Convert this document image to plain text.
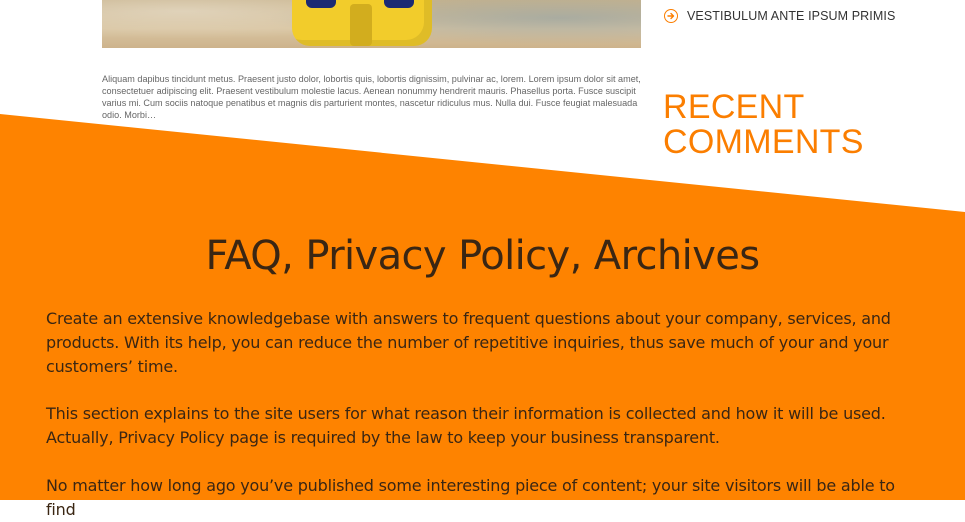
Aliquam dapibus tincidunt metus. Praesent justo dolor, lobortis quis, lobortis dignissim, pulvinar ac, lorem. Lorem ipsum dolor sit amet, consectetuer adipiscing elit. Praesent vestibulum molestie lacus. Aenean nonummy hendrerit mauris. Phasellus porta. Fusce suscipit varius mi. Cum sociis natoque penatibus et magnis dis parturient montes, nascetur ridiculus mus. Nulla dui. Fusce feugiat malesuada odio. Morbi…

VESTIBULUM ANTE IPSUM PRIMIS
RECENT COMMENTS
FAQ, Privacy Policy, Archives

Create an extensive knowledgebase with answers to frequent questions about your company, services, and products. With its help, you can reduce the number of repetitive inquiries, thus save much of your and your customers’ time.

This section explains to the site users for what reason their information is collected and how it will be used. Actually, Privacy Policy page is required by the law to keep your business transparent.

No matter how long ago you’ve published some interesting piece of content; your site visitors will be able to find
